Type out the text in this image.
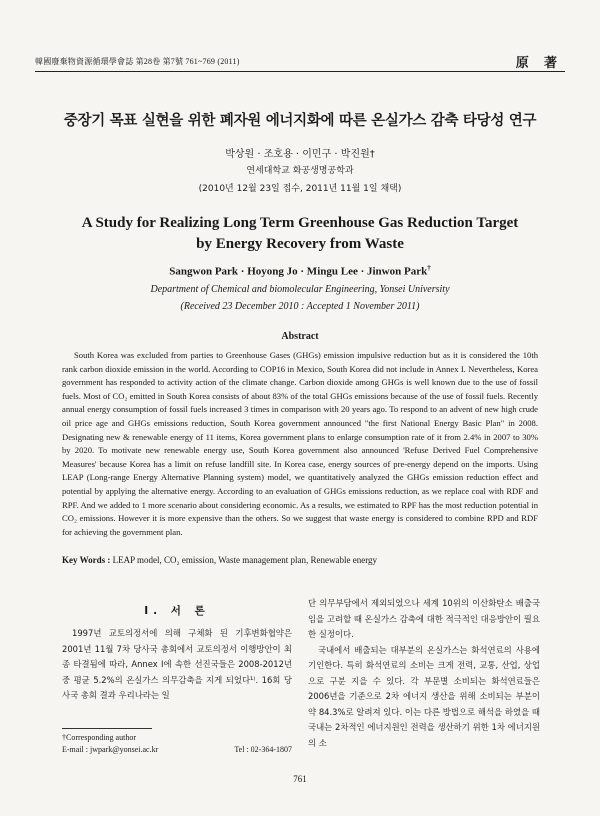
韓國廢棄物資源循環學會誌 第28卷 第7號 761~769 (2011)	原 著
중장기 목표 실현을 위한 폐자원 에너지화에 따른 온실가스 감축 타당성 연구
박상원 · 조호용 · 이민구 · 박진원†
연세대학교 화공생명공학과
(2010년 12월 23일 접수, 2011년 11월 1일 채택)
A Study for Realizing Long Term Greenhouse Gas Reduction Target
by Energy Recovery from Waste
Sangwon Park · Hoyong Jo · Mingu Lee · Jinwon Park†
Department of Chemical and biomolecular Engineering, Yonsei University
(Received 23 December 2010 : Accepted 1 November 2011)
Abstract
South Korea was excluded from parties to Greenhouse Gases (GHGs) emission impulsive reduction but as it is considered the 10th rank carbon dioxide emission in the world. According to COP16 in Mexico, South Korea did not include in Annex I. Nevertheless, Korea government has responded to activity action of the climate change. Carbon dioxide among GHGs is well known due to the use of fossil fuels. Most of CO₂ emitted in South Korea consists of about 83% of the total GHGs emissions because of the use of fossil fuels. Recently annual energy consumption of fossil fuels increased 3 times in comparison with 20 years ago. To respond to an advent of new high crude oil price age and GHGs emissions reduction, South Korea government announced "the first National Energy Basic Plan" in 2008. Designating new & renewable energy of 11 items, Korea government plans to enlarge consumption rate of it from 2.4% in 2007 to 30% by 2020. To motivate new renewable energy use, South Korea government also announced 'Refuse Derived Fuel Comprehensive Measures' because Korea has a limit on refuse landfill site. In Korea case, energy sources of pre-energy depend on the imports. Using LEAP (Long-range Energy Alternative Planning system) model, we quantitatively analyzed the GHGs emission reduction effect and potential by applying the alternative energy. According to an evaluation of GHGs emissions reduction, as we replace coal with RDF and RPF. And we added to 1 more scenario about considering economic. As a results, we estimated to RPF has the most reduction potential in CO₂ emissions. However it is more expensive than the others. So we suggest that waste energy is considered to combine RPD and RDF for achieving the government plan.
Key Words : LEAP model, CO₂ emission, Waste management plan, Renewable energy
I. 서 론

1997년 교토의정서에 의해 구체화 된 기후변화협약은 2001년 11월 7차 당사국 총회에서 교토의정서 이행방안이 최종 타결됨에 따라, Annex I에 속한 선진국들은 2008-2012년 중 평균 5.2%의 온실가스 의무감축을 지게 되었다¹⁾. 16회 당사국 총회 결과 우리나라는 일

단 의무부담에서 제외되었으나 세계 10위의 이산화탄소 배출국임을 고려할 때 온실가스 감축에 대한 적극적인 대응방안이 필요한 실정이다.

국내에서 배출되는 대부분의 온실가스는 화석연료의 사용에 기인한다. 특히 화석연료의 소비는 크게 전력, 교통, 산업, 상업으로 구분 지을 수 있다. 각 부문별 소비되는 화석연료들은 2006년을 기준으로 2차 에너지 생산을 위해 소비되는 부분이 약 84.3%로 알려져 있다. 이는 다른 방법으로 해석을 하였을 때 국내는 2차적인 에너지원인 전력을 생산하기 위한 1차 에너지원의 소

†Corresponding author
E-mail : jwpark@yonsei.ac.kr	Tel : 02-364-1807
761
